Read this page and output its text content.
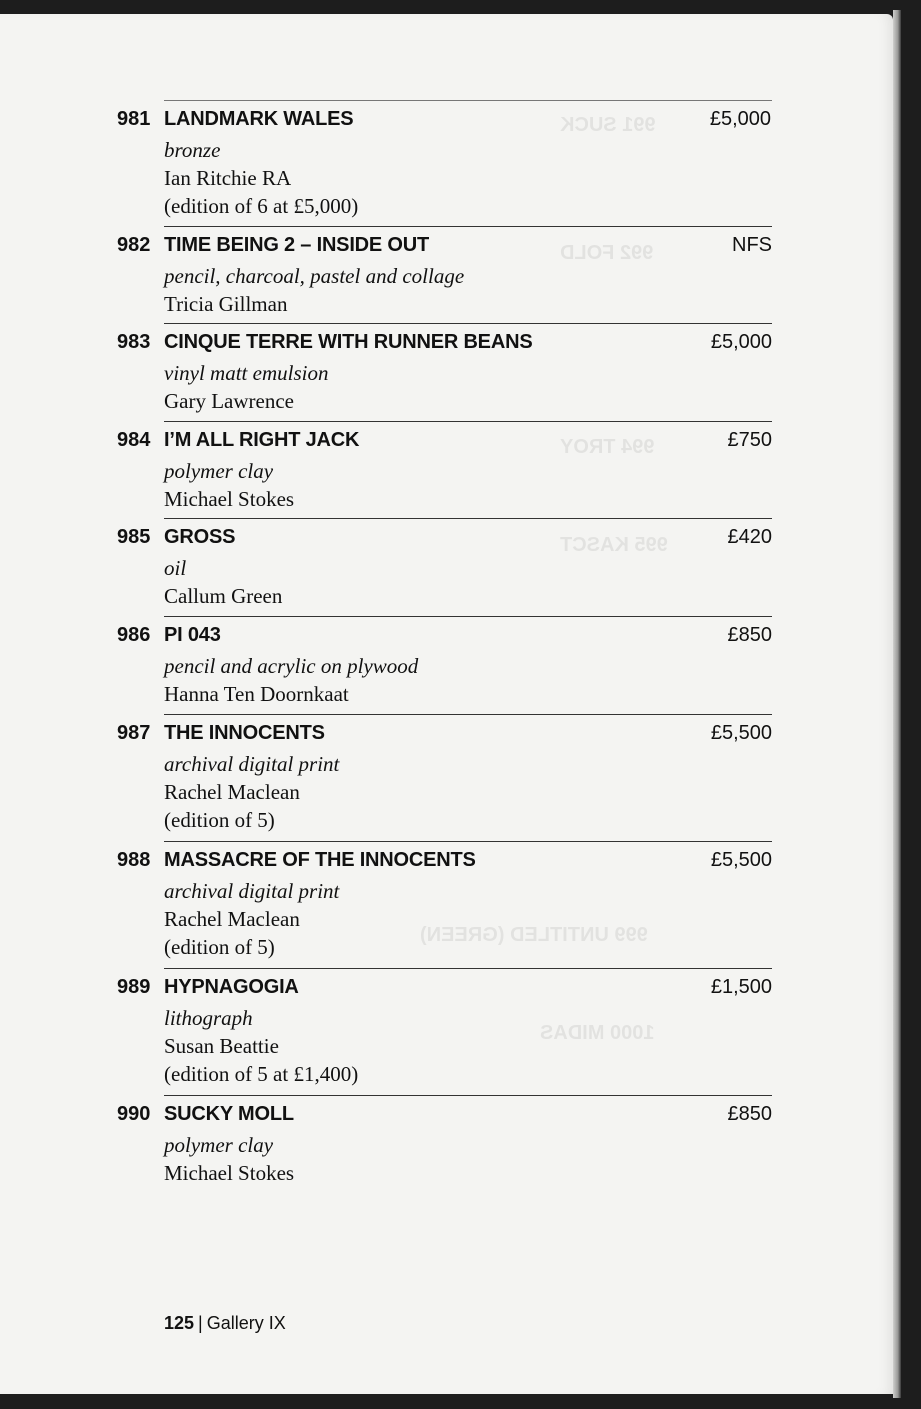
991 SUCK
992 FOLD
994 TROY
995 KASCT
999 UNTITLED (GREEN)
1000 MIDAS
981 LANDMARK WALES	£5,000
bronze
Ian Ritchie RA
(edition of 6 at £5,000)
982 TIME BEING 2 – INSIDE OUT	NFS
pencil, charcoal, pastel and collage
Tricia Gillman
983 CINQUE TERRE WITH RUNNER BEANS	£5,000
vinyl matt emulsion
Gary Lawrence
984 I’M ALL RIGHT JACK	£750
polymer clay
Michael Stokes
985 GROSS	£420
oil
Callum Green
986 PI 043	£850
pencil and acrylic on plywood
Hanna Ten Doornkaat
987 THE INNOCENTS	£5,500
archival digital print
Rachel Maclean
(edition of 5)
988 MASSACRE OF THE INNOCENTS	£5,500
archival digital print
Rachel Maclean
(edition of 5)
989 HYPNAGOGIA	£1,500
lithograph
Susan Beattie
(edition of 5 at £1,400)
990 SUCKY MOLL	£850
polymer clay
Michael Stokes
125 | Gallery IX
